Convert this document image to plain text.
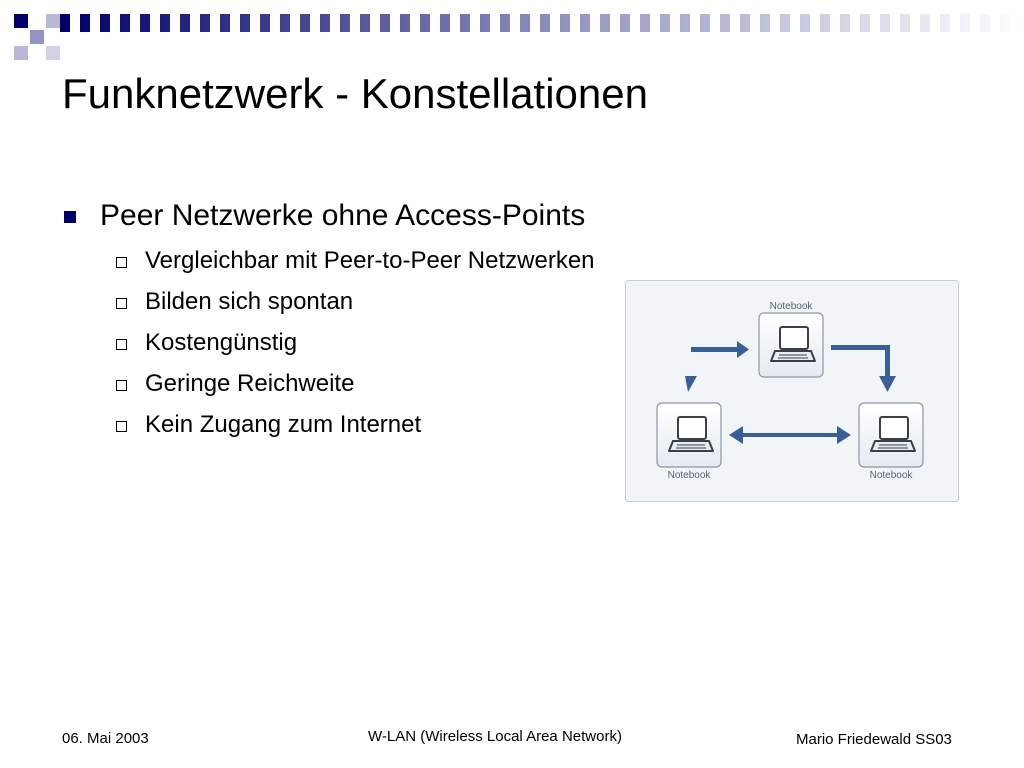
Funknetzwerk - Konstellationen
Peer Netzwerke ohne Access-Points
Vergleichbar mit Peer-to-Peer Netzwerken
Bilden sich spontan
Kostengünstig
Geringe Reichweite
Kein Zugang zum Internet
Notebook
Notebook	Notebook
06. Mai 2003	W-LAN (Wireless Local Area Network)	Mario Friedewald SS03
